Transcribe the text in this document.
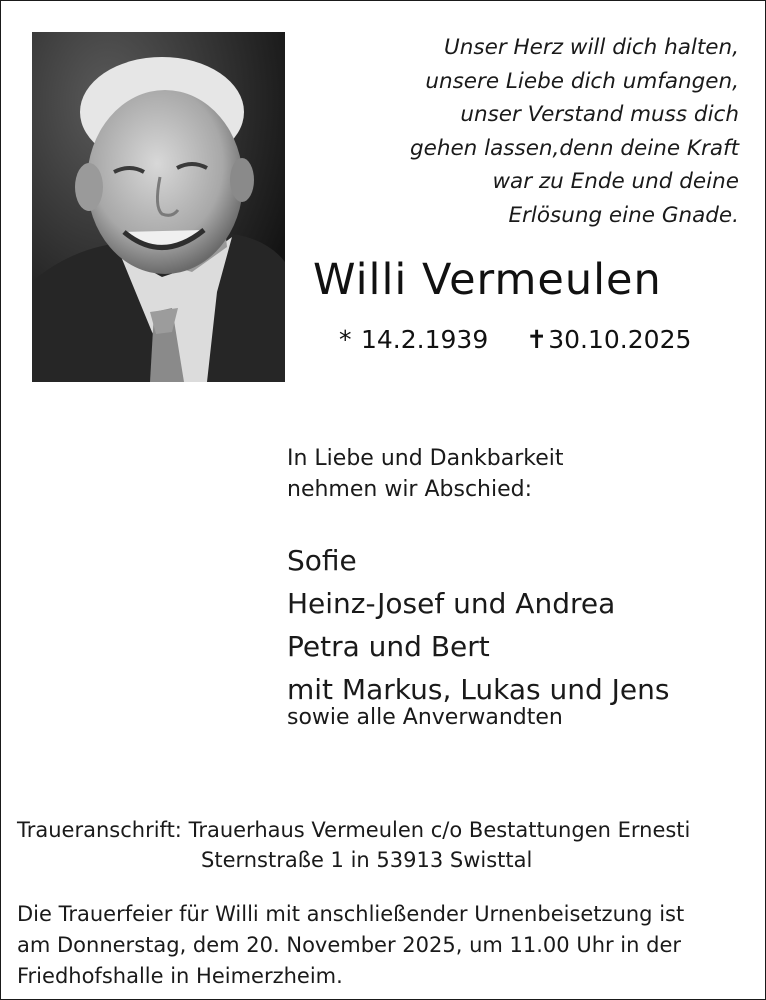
Unser Herz will dich halten,
unsere Liebe dich umfangen,
unser Verstand muss dich
gehen lassen,denn deine Kraft
war zu Ende und deine
Erlösung eine Gnade.
Willi Vermeulen
* 14.2.1939 ✝30.10.2025
In Liebe und Dankbarkeit
nehmen wir Abschied:
Sofie
Heinz-Josef und Andrea
Petra und Bert
mit Markus, Lukas und Jens
sowie alle Anverwandten
Traueranschrift: Trauerhaus Vermeulen c/o Bestattungen Ernesti
Sternstraße 1 in 53913 Swisttal
Die Trauerfeier für Willi mit anschließender Urnenbeisetzung ist
am Donnerstag, dem 20. November 2025, um 11.00 Uhr in der
Friedhofshalle in Heimerzheim.
